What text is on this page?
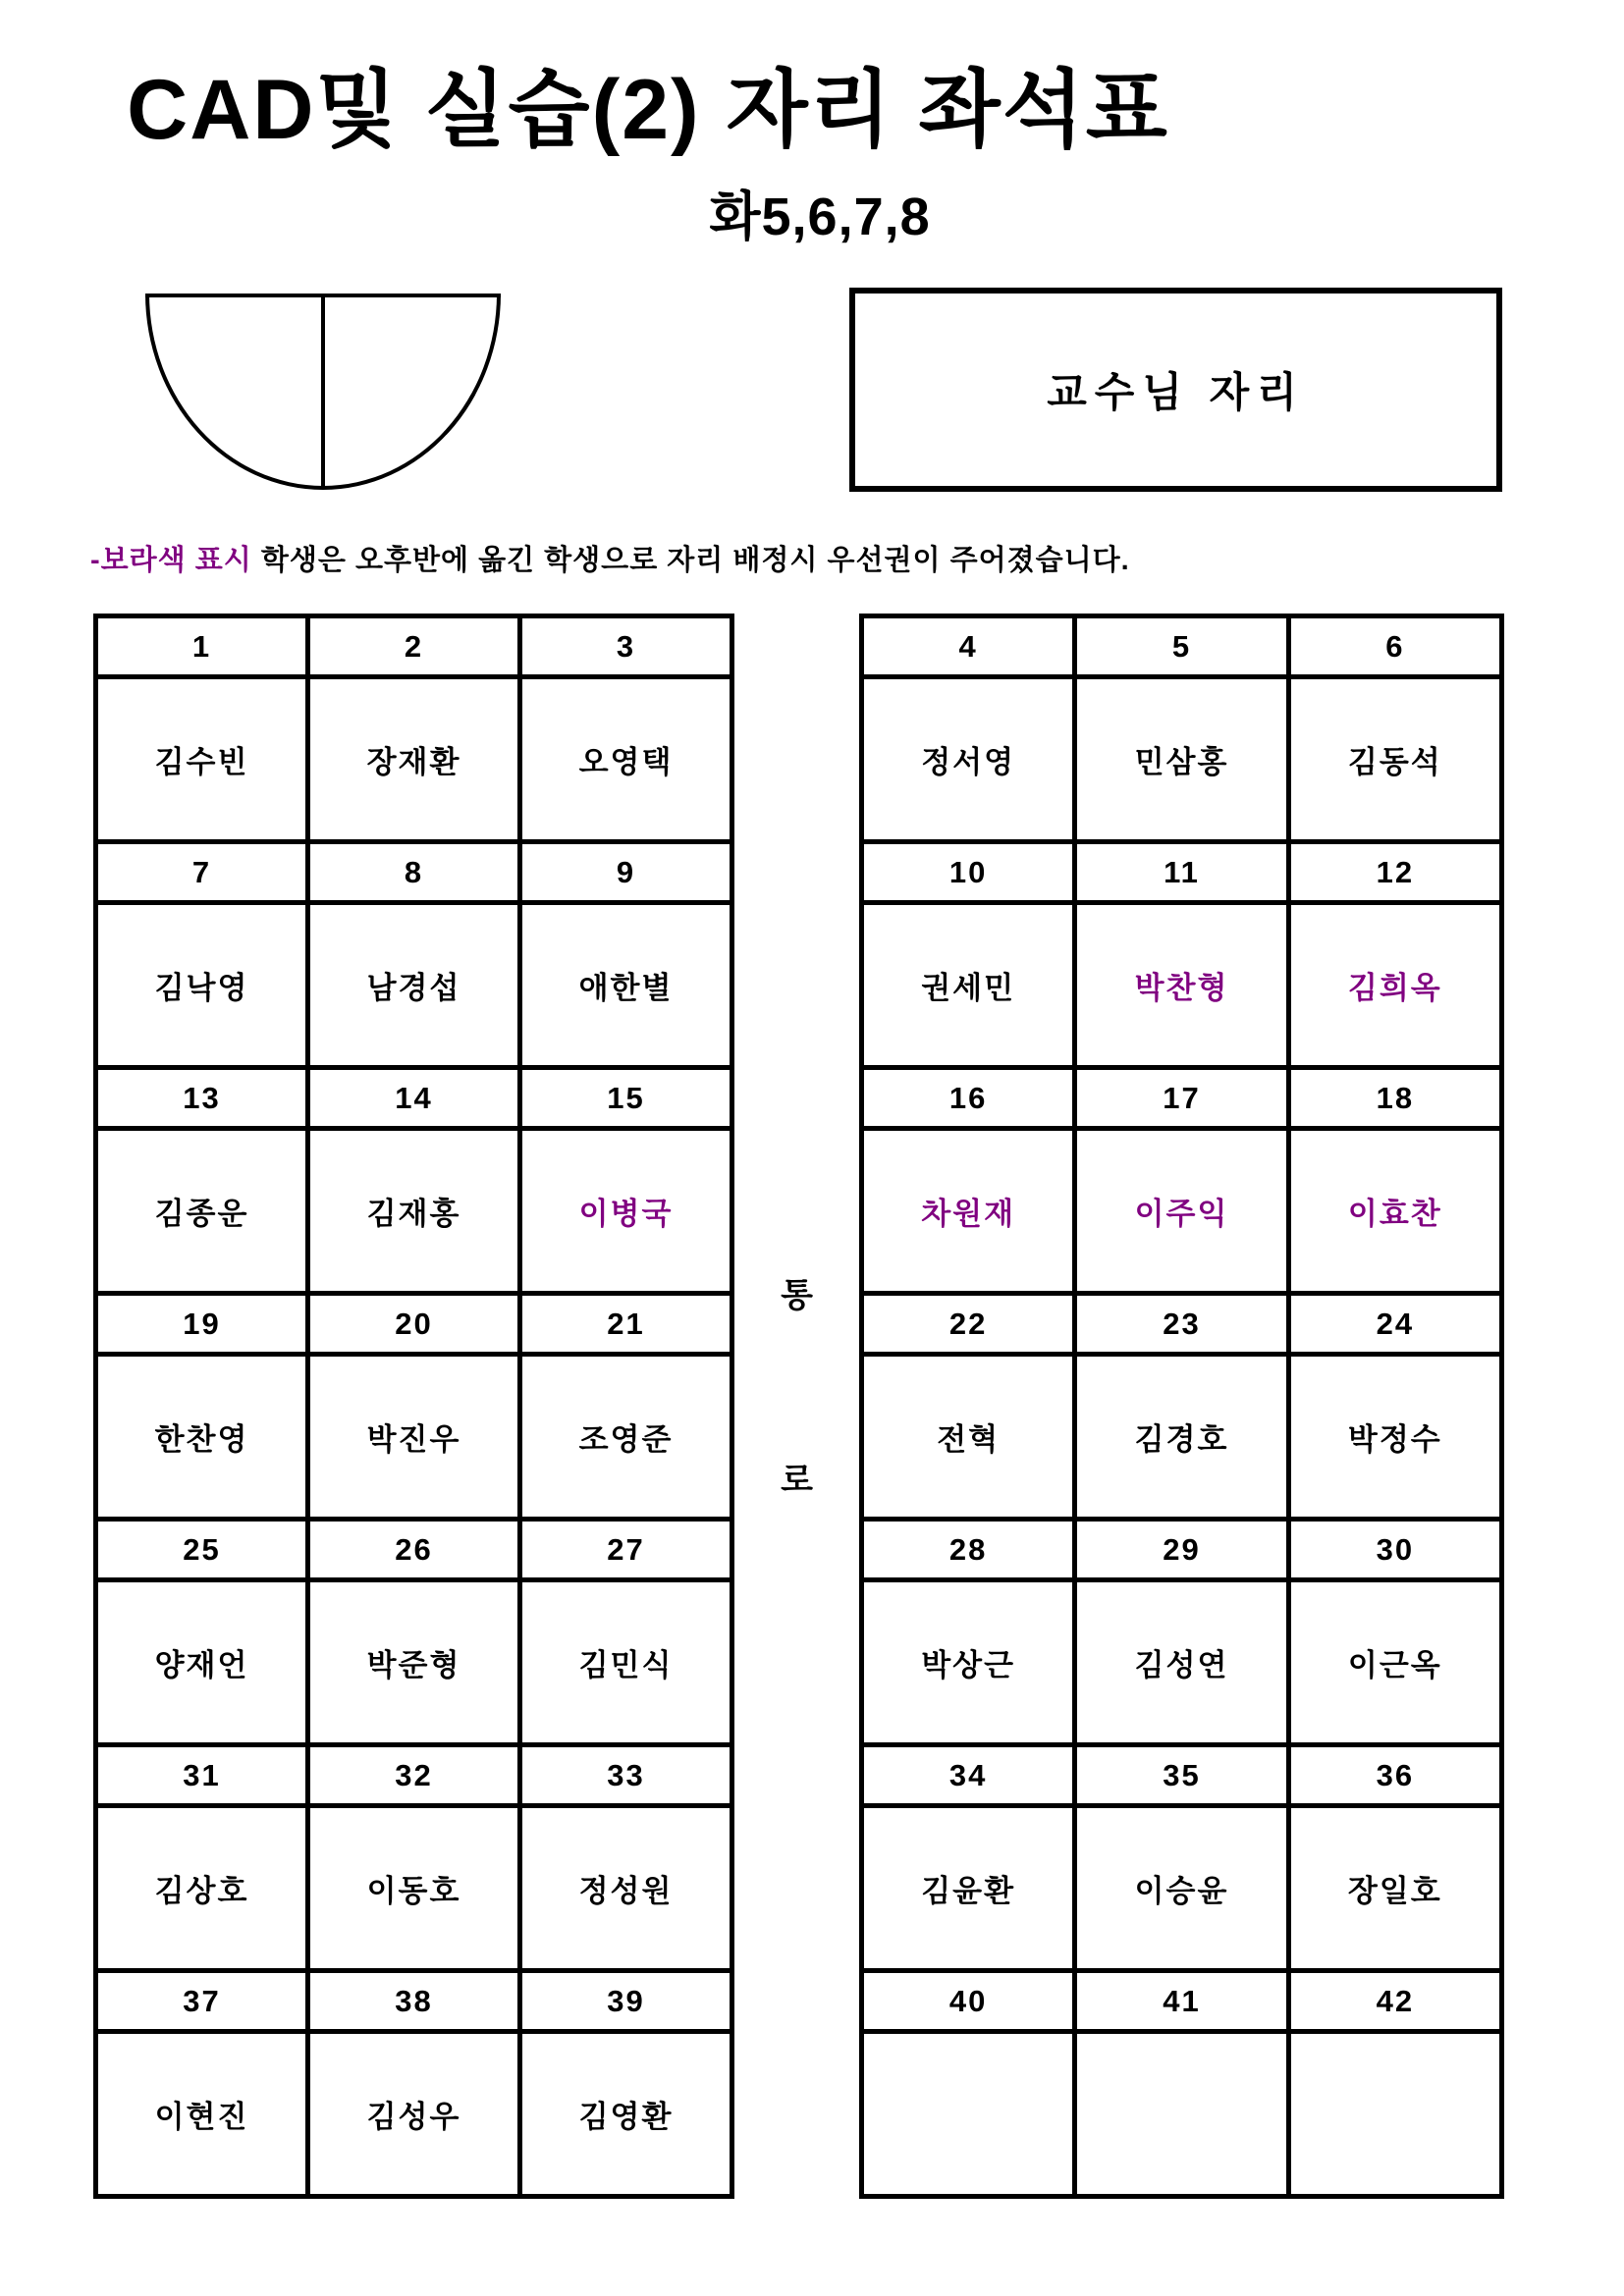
CAD및 실습(2) 자리 좌석표
화5,6,7,8
교수님 자리
-보라색 표시 학생은 오후반에 옮긴 학생으로 자리 배정시 우선권이 주어졌습니다.
1	2	3
김수빈	장재환	오영택
7	8	9
김낙영	남경섭	애한별
13	14	15
김종운	김재홍	이병국
19	20	21
한찬영	박진우	조영준
25	26	27
양재언	박준형	김민식
31	32	33
김상호	이동호	정성원
37	38	39
이현진	김성우	김영환
통
로
4	5	6
정서영	민삼홍	김동석
10	11	12
권세민	박찬형	김희옥
16	17	18
차원재	이주익	이효찬
22	23	24
전혁	김경호	박정수
28	29	30
박상근	김성연	이근옥
34	35	36
김윤환	이승윤	장일호
40	41	42
